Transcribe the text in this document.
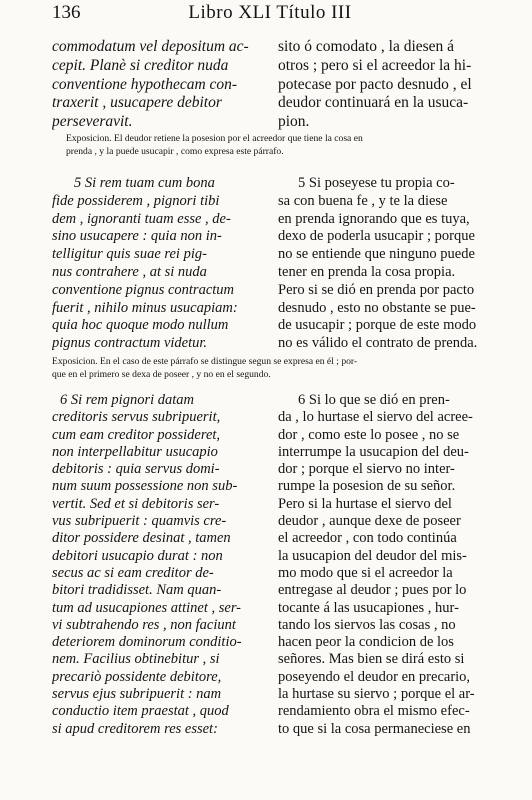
136	Libro XLI Título III
commodatum vel depositum ac-
cepit. Planè si creditor nuda
conventione hypothecam con-
traxerit , usucapere debitor
perseveravit.
sito ó comodato , la diesen á
otros ; pero si el acreedor la hi-
potecase por pacto desnudo , el
deudor continuará en la usuca-
pion.
Exposicion. El deudor retiene la posesion por el acreedor que tiene la cosa en
prenda , y la puede usucapir , como expresa este párrafo.
5 Si rem tuam cum bona
fide possiderem , pignori tibi
dem , ignoranti tuam esse , de-
sino usucapere : quia non in-
telligitur quis suae rei pig-
nus contrahere , at si nuda
conventione pignus contractum
fuerit , nihilo minus usucapiam:
quia hoc quoque modo nullum
pignus contractum videtur.
5 Si poseyese tu propia co-
sa con buena fe , y te la diese
en prenda ignorando que es tuya,
dexo de poderla usucapir ; porque
no se entiende que ninguno puede
tener en prenda la cosa propia.
Pero si se dió en prenda por pacto
desnudo , esto no obstante se pue-
de usucapir ; porque de este modo
no es válido el contrato de prenda.
Exposicion. En el caso de este párrafo se distingue segun se expresa en él ; por-
que en el primero se dexa de poseer , y no en el segundo.
6 Si rem pignori datam
creditoris servus subripuerit,
cum eam creditor possideret,
non interpellabitur usucapio
debitoris : quia servus domi-
num suum possessione non sub-
vertit. Sed et si debitoris ser-
vus subripuerit : quamvis cre-
ditor possidere desinat , tamen
debitori usucapio durat : non
secus ac si eam creditor de-
bitori tradidisset. Nam quan-
tum ad usucapiones attinet , ser-
vi subtrahendo res , non faciunt
deteriorem dominorum conditio-
nem. Facilius obtinebitur , si
precariò possidente debitore,
servus ejus subripuerit : nam
conductio item praestat , quod
si apud creditorem res esset:
6 Si lo que se dió en pren-
da , lo hurtase el siervo del acree-
dor , como este lo posee , no se
interrumpe la usucapion del deu-
dor ; porque el siervo no inter-
rumpe la posesion de su señor.
Pero si la hurtase el siervo del
deudor , aunque dexe de poseer
el acreedor , con todo continúa
la usucapion del deudor del mis-
mo modo que si el acreedor la
entregase al deudor ; pues por lo
tocante á las usucapiones , hur-
tando los siervos las cosas , no
hacen peor la condicion de los
señores. Mas bien se dirá esto si
poseyendo el deudor en precario,
la hurtase su siervo ; porque el ar-
rendamiento obra el mismo efec-
to que si la cosa permaneciese en
